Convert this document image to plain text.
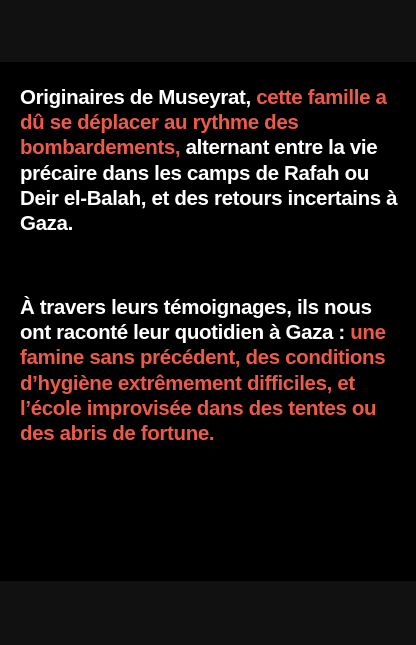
Originaires de Museyrat, cette famille a dû se déplacer au rythme des bombardements, alternant entre la vie précaire dans les camps de Rafah ou Deir el-Balah, et des retours incertains à Gaza.

À travers leurs témoignages, ils nous ont raconté leur quotidien à Gaza : une famine sans précédent, des conditions d’hygiène extrêmement difficiles, et l’école improvisée dans des tentes ou des abris de fortune.
